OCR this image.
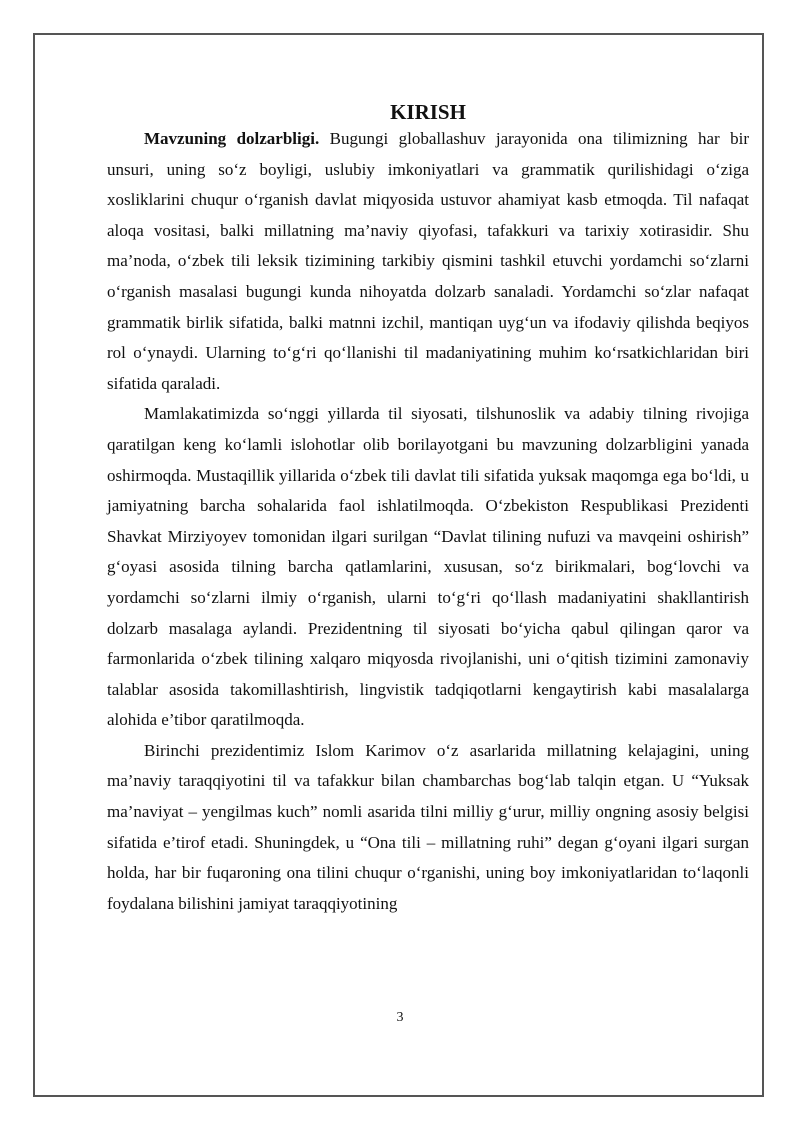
KIRISH

Mavzuning dolzarbligi. Bugungi globallashuv jarayonida ona tilimizning har bir unsuri, uning so‘z boyligi, uslubiy imkoniyatlari va grammatik qurilishidagi o‘ziga xosliklarini chuqur o‘rganish davlat miqyosida ustuvor ahamiyat kasb etmoqda. Til nafaqat aloqa vositasi, balki millatning ma’naviy qiyofasi, tafakkuri va tarixiy xotirasidir. Shu ma’noda, o‘zbek tili leksik tizimining tarkibiy qismini tashkil etuvchi yordamchi so‘zlarni o‘rganish masalasi bugungi kunda nihoyatda dolzarb sanaladi. Yordamchi so‘zlar nafaqat grammatik birlik sifatida, balki matnni izchil, mantiqan uyg‘un va ifodaviy qilishda beqiyos rol o‘ynaydi. Ularning to‘g‘ri qo‘llanishi til madaniyatining muhim ko‘rsatkichlaridan biri sifatida qaraladi.

Mamlakatimizda so‘nggi yillarda til siyosati, tilshunoslik va adabiy tilning rivojiga qaratilgan keng ko‘lamli islohotlar olib borilayotgani bu mavzuning dolzarbligini yanada oshirmoqda. Mustaqillik yillarida o‘zbek tili davlat tili sifatida yuksak maqomga ega bo‘ldi, u jamiyatning barcha sohalarida faol ishlatilmoqda. O‘zbekiston Respublikasi Prezidenti Shavkat Mirziyoyev tomonidan ilgari surilgan “Davlat tilining nufuzi va mavqeini oshirish” g‘oyasi asosida tilning barcha qatlamlarini, xususan, so‘z birikmalari, bog‘lovchi va yordamchi so‘zlarni ilmiy o‘rganish, ularni to‘g‘ri qo‘llash madaniyatini shakllantirish dolzarb masalaga aylandi. Prezidentning til siyosati bo‘yicha qabul qilingan qaror va farmonlarida o‘zbek tilining xalqaro miqyosda rivojlanishi, uni o‘qitish tizimini zamonaviy talablar asosida takomillashtirish, lingvistik tadqiqotlarni kengaytirish kabi masalalarga alohida e’tibor qaratilmoqda.

Birinchi prezidentimiz Islom Karimov o‘z asarlarida millatning kelajagini, uning ma’naviy taraqqiyotini til va tafakkur bilan chambarchas bog‘lab talqin etgan. U “Yuksak ma’naviyat – yengilmas kuch” nomli asarida tilni milliy g‘urur, milliy ongning asosiy belgisi sifatida e’tirof etadi. Shuningdek, u “Ona tili – millatning ruhi” degan g‘oyani ilgari surgan holda, har bir fuqaroning ona tilini chuqur o‘rganishi, uning boy imkoniyatlaridan to‘laqonli foydalana bilishini jamiyat taraqqiyotining

3
